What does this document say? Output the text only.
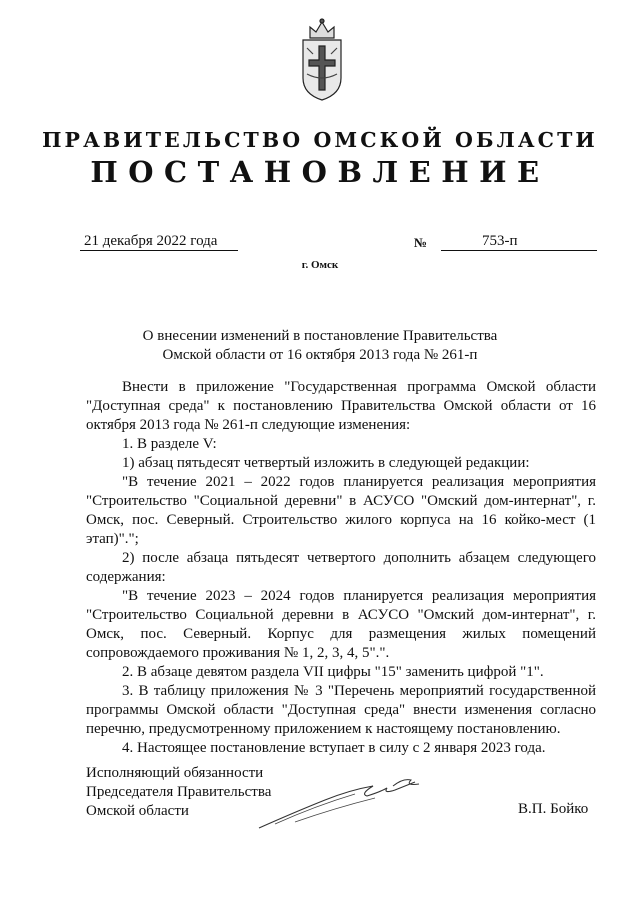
ПРАВИТЕЛЬСТВО ОМСКОЙ ОБЛАСТИ
ПОСТАНОВЛЕНИЕ
21 декабря 2022 года	№	753-п
г. Омск
О внесении изменений в постановление Правительства
Омской области от 16 октября 2013 года № 261-п

Внести в приложение "Государственная программа Омской области "Доступная среда" к постановлению Правительства Омской области от 16 октября 2013 года № 261-п следующие изменения:

1. В разделе V:

1) абзац пятьдесят четвертый изложить в следующей редакции:

"В течение 2021 – 2022 годов планируется реализация мероприятия "Строительство "Социальной деревни" в АСУСО "Омский дом-интернат", г. Омск, пос. Северный. Строительство жилого корпуса на 16 койко-мест (1 этап)".";

2) после абзаца пятьдесят четвертого дополнить абзацем следующего содержания:

"В течение 2023 – 2024 годов планируется реализация мероприятия "Строительство Социальной деревни в АСУСО "Омский дом-интернат", г. Омск, пос. Северный. Корпус для размещения жилых помещений сопровождаемого проживания № 1, 2, 3, 4, 5".".

2. В абзаце девятом раздела VII цифры "15" заменить цифрой "1".

3. В таблицу приложения № 3 "Перечень мероприятий государственной программы Омской области "Доступная среда" внести изменения согласно перечню, предусмотренному приложением к настоящему постановлению.

4. Настоящее постановление вступает в силу с 2 января 2023 года.

Исполняющий обязанности
Председателя Правительства
Омской области	В.П. Бойко
